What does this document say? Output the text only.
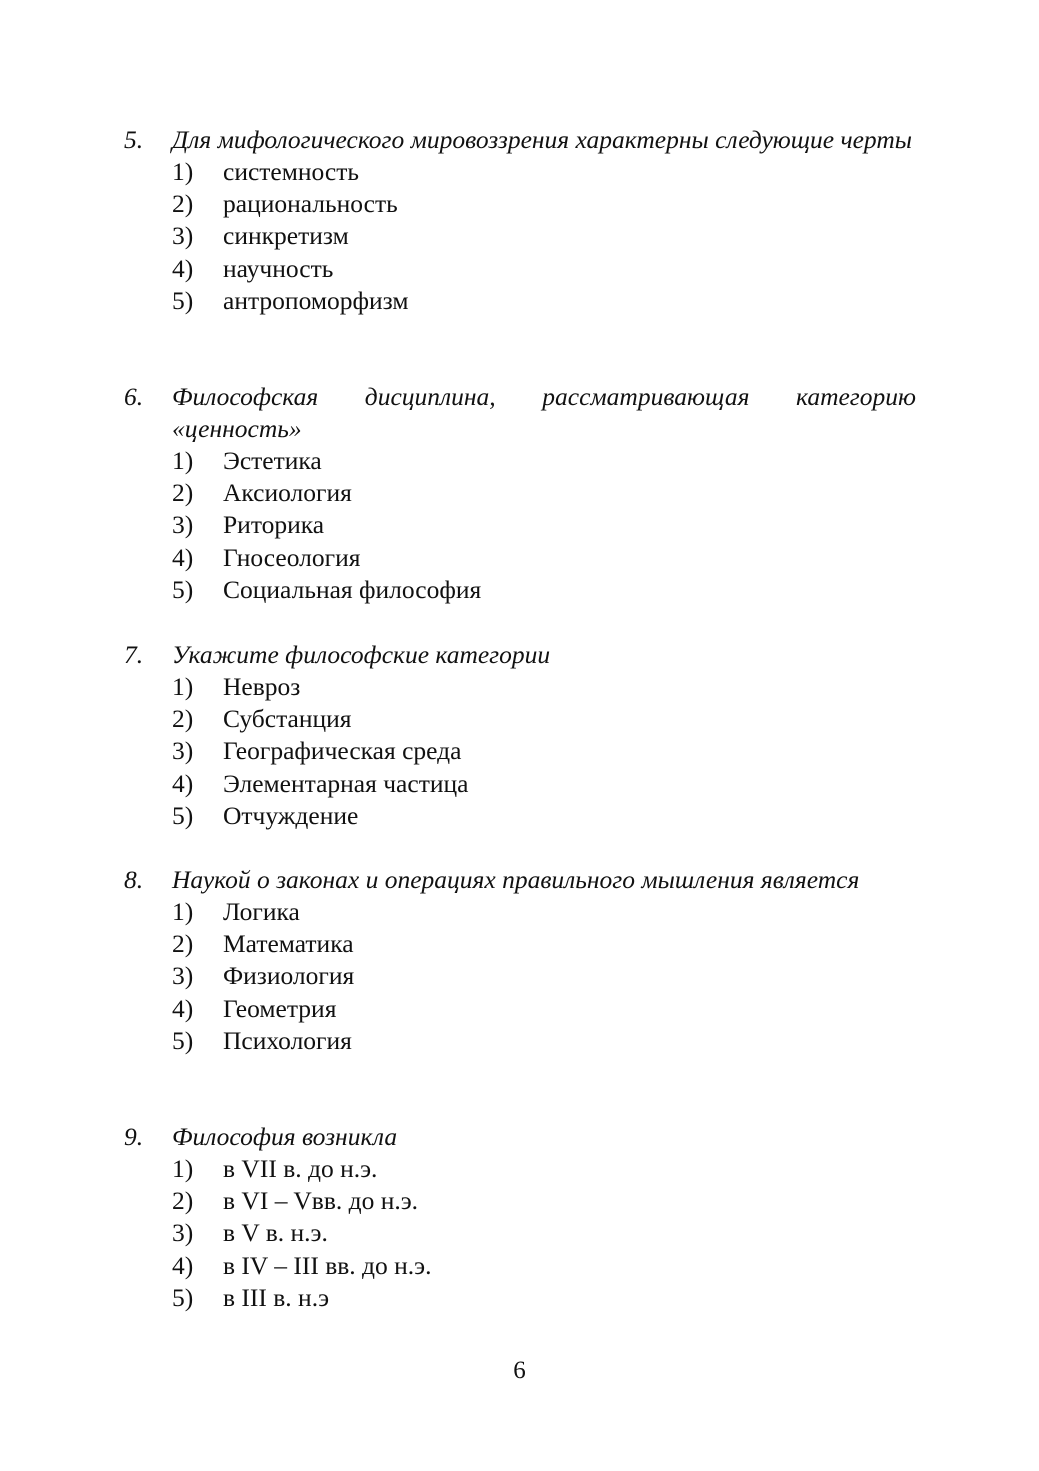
5.	Для мифологического мировоззрения характерны следующие черты
1)	системность
2)	рациональность
3)	синкретизм
4)	научность
5)	антропоморфизм
6.	Философская дисциплина, рассматривающая категорию «ценность»
1)	Эстетика
2)	Аксиология
3)	Риторика
4)	Гносеология
5)	Социальная философия
7.	Укажите философские категории
1)	Невроз
2)	Субстанция
3)	Географическая среда
4)	Элементарная частица
5)	Отчуждение
8.	Наукой о законах и операциях правильного мышления является
1)	Логика
2)	Математика
3)	Физиология
4)	Геометрия
5)	Психология
9.	Философия возникла
1)	в VII в. до н.э.
2)	в VI – Vвв. до н.э.
3)	в V в. н.э.
4)	в IV – III вв. до н.э.
5)	в III в. н.э
6
